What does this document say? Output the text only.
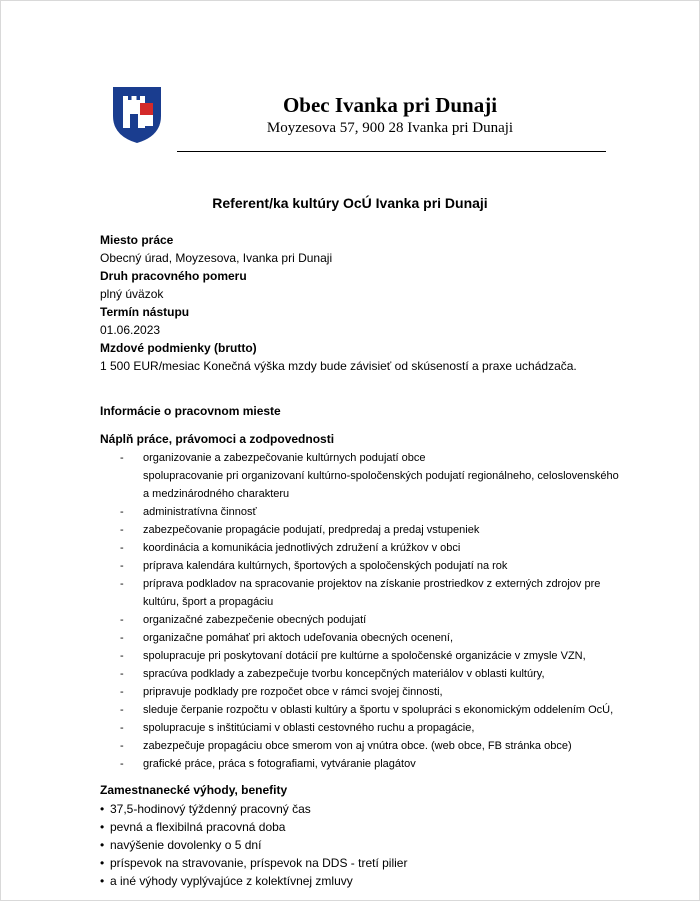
Obec Ivanka pri Dunaji
Moyzesova 57, 900 28 Ivanka pri Dunaji
Referent/ka kultúry OcÚ Ivanka pri Dunaji
Miesto práce
Obecný úrad, Moyzesova, Ivanka pri Dunaji
Druh pracovného pomeru
plný úväzok
Termín nástupu
01.06.2023
Mzdové podmienky (brutto)
1 500 EUR/mesiac Konečná výška mzdy bude závisieť od skúseností a praxe uchádzača.
Informácie o pracovnom mieste
Náplň práce, právomoci a zodpovednosti
- organizovanie a zabezpečovanie kultúrnych podujatí obce
spolupracovanie pri organizovaní kultúrno-spoločenských podujatí regionálneho, celoslovenského a medzinárodného charakteru
- administratívna činnosť
- zabezpečovanie propagácie podujatí, predpredaj a predaj vstupeniek
- koordinácia a komunikácia jednotlivých združení a krúžkov v obci
- príprava kalendára kultúrnych, športových a spoločenských podujatí na rok
- príprava podkladov na spracovanie projektov na získanie prostriedkov z externých zdrojov pre kultúru, šport a propagáciu
- organizačné zabezpečenie obecných podujatí
- organizačne pomáhať pri aktoch udeľovania obecných ocenení,
- spolupracuje pri poskytovaní dotácií pre kultúrne a spoločenské organizácie v zmysle VZN,
- spracúva podklady a zabezpečuje tvorbu koncepčných materiálov v oblasti kultúry,
- pripravuje podklady pre rozpočet obce v rámci svojej činnosti,
- sleduje čerpanie rozpočtu v oblasti kultúry a športu v spolupráci s ekonomickým oddelením OcÚ,
- spolupracuje s inštitúciami v oblasti cestovného ruchu a propagácie,
- zabezpečuje propagáciu obce smerom von aj vnútra obce. (web obce, FB stránka obce)
- grafické práce, práca s fotografiami, vytváranie plagátov
Zamestnanecké výhody, benefity
• 37,5-hodinový týždenný pracovný čas
• pevná a flexibilná pracovná doba
• navýšenie dovolenky o 5 dní
• príspevok na stravovanie, príspevok na DDS - tretí pilier
• a iné výhody vyplývajúce z kolektívnej zmluvy
